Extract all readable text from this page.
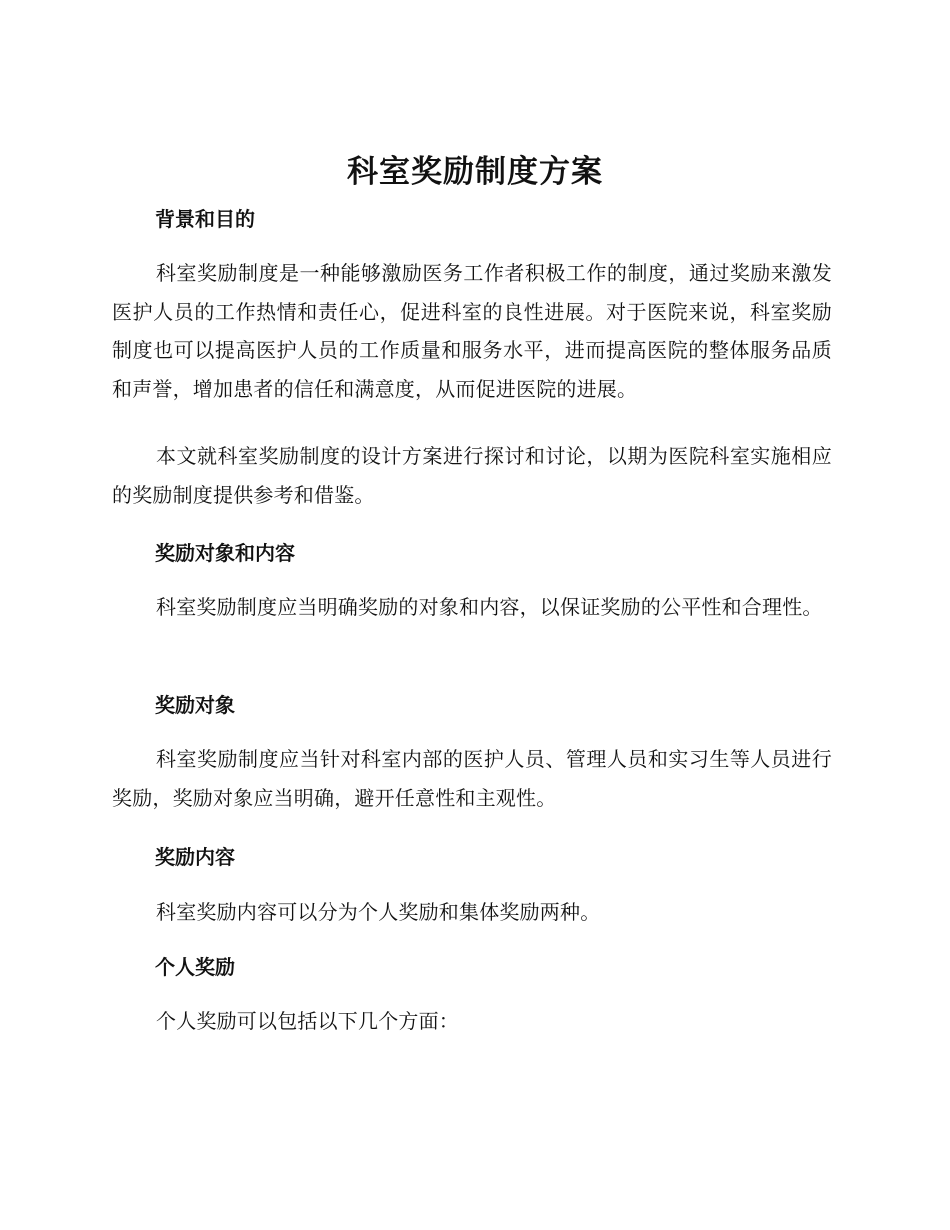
科室奖励制度方案
背景和目的

科室奖励制度是一种能够激励医务工作者积极工作的制度，通过奖励来激发医护人员的工作热情和责任心，促进科室的良性进展。对于医院来说，科室奖励制度也可以提高医护人员的工作质量和服务水平，进而提高医院的整体服务品质和声誉，增加患者的信任和满意度，从而促进医院的进展。

本文就科室奖励制度的设计方案进行探讨和讨论，以期为医院科室实施相应的奖励制度提供参考和借鉴。

奖励对象和内容

科室奖励制度应当明确奖励的对象和内容，以保证奖励的公平性和合理性。

奖励对象

科室奖励制度应当针对科室内部的医护人员、管理人员和实习生等人员进行奖励，奖励对象应当明确，避开任意性和主观性。

奖励内容

科室奖励内容可以分为个人奖励和集体奖励两种。

个人奖励

个人奖励可以包括以下几个方面：
